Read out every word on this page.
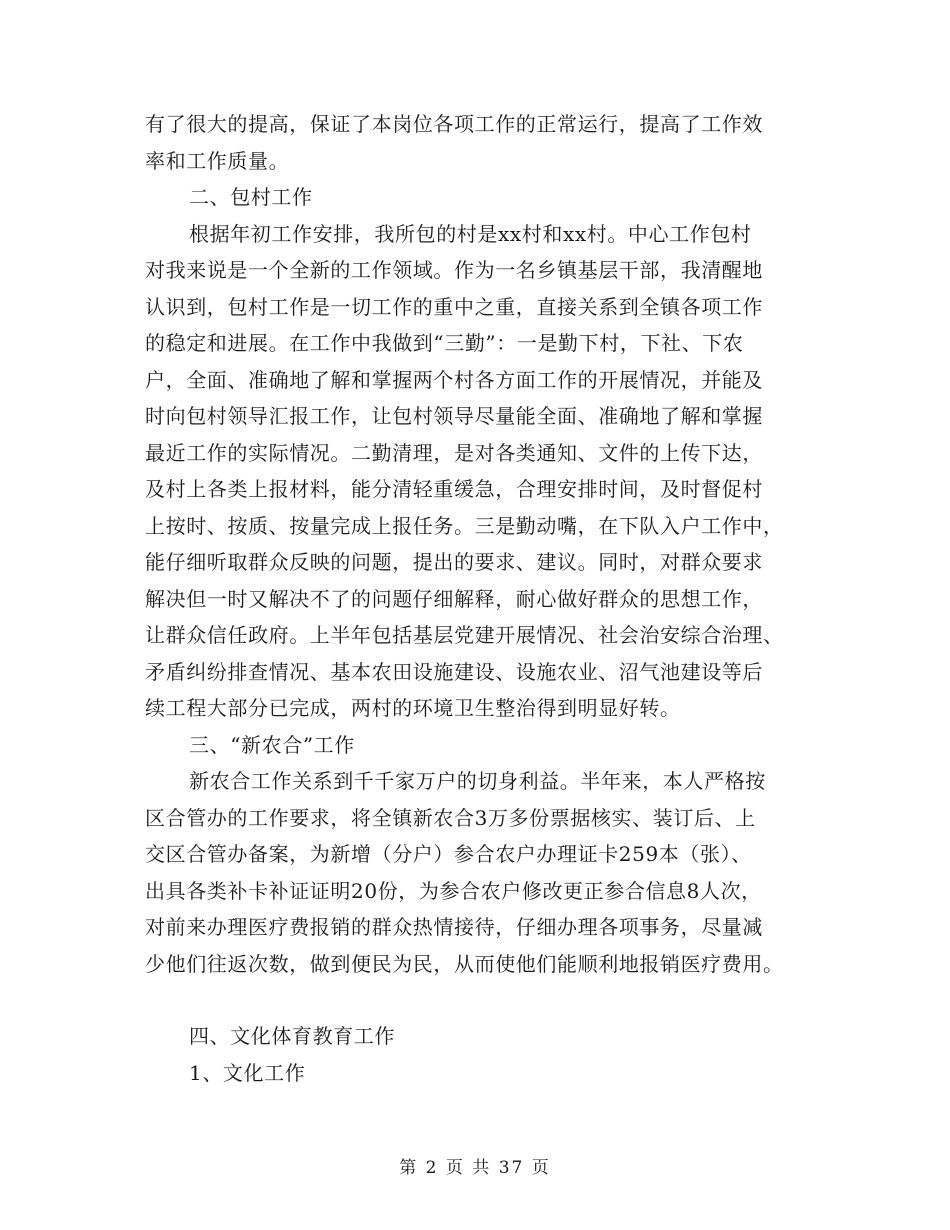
有了很大的提高，保证了本岗位各项工作的正常运行，提高了工作效
率和工作质量。
二、包村工作
根据年初工作安排，我所包的村是xx村和xx村。中心工作包村
对我来说是一个全新的工作领域。作为一名乡镇基层干部，我清醒地
认识到，包村工作是一切工作的重中之重，直接关系到全镇各项工作
的稳定和进展。在工作中我做到“三勤”：一是勤下村，下社、下农
户，全面、准确地了解和掌握两个村各方面工作的开展情况，并能及
时向包村领导汇报工作，让包村领导尽量能全面、准确地了解和掌握
最近工作的实际情况。二勤清理，是对各类通知、文件的上传下达，
及村上各类上报材料，能分清轻重缓急，合理安排时间，及时督促村
上按时、按质、按量完成上报任务。三是勤动嘴，在下队入户工作中，
能仔细听取群众反映的问题，提出的要求、建议。同时，对群众要求
解决但一时又解决不了的问题仔细解释，耐心做好群众的思想工作，
让群众信任政府。上半年包括基层党建开展情况、社会治安综合治理、
矛盾纠纷排查情况、基本农田设施建设、设施农业、沼气池建设等后
续工程大部分已完成，两村的环境卫生整治得到明显好转。
三、“新农合”工作
新农合工作关系到千千家万户的切身利益。半年来，本人严格按
区合管办的工作要求，将全镇新农合3万多份票据核实、装订后、上
交区合管办备案，为新增（分户）参合农户办理证卡259本（张）、
出具各类补卡补证证明20份，为参合农户修改更正参合信息8人次，
对前来办理医疗费报销的群众热情接待，仔细办理各项事务，尽量减
少他们往返次数，做到便民为民，从而使他们能顺利地报销医疗费用。
四、文化体育教育工作
1、文化工作
第 2 页 共 37 页
